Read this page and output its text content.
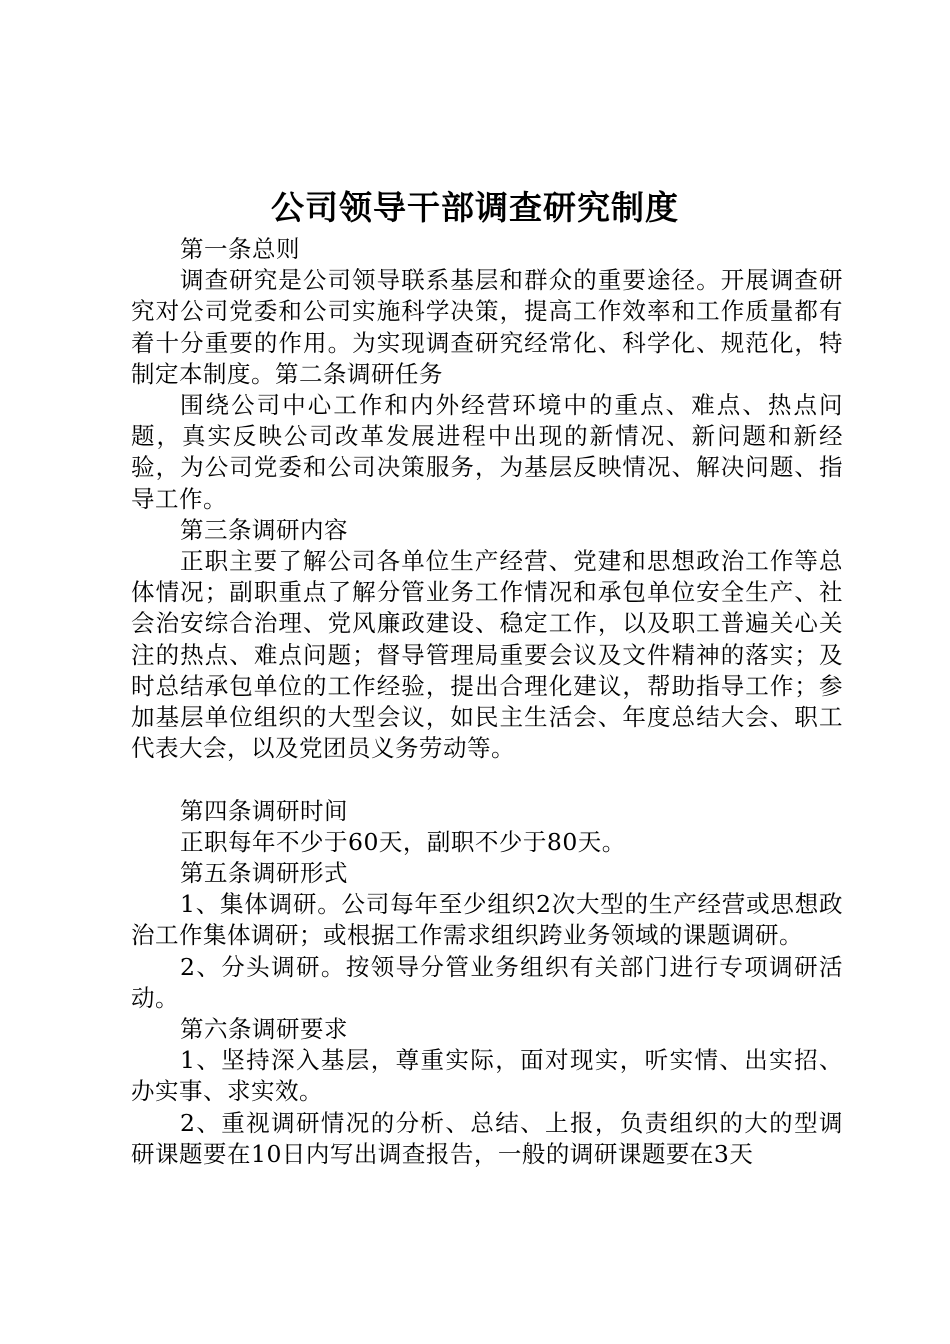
公司领导干部调查研究制度

第一条总则

调查研究是公司领导联系基层和群众的重要途径。开展调查研究对公司党委和公司实施科学决策，提高工作效率和工作质量都有着十分重要的作用。为实现调查研究经常化、科学化、规范化，特制定本制度。第二条调研任务

围绕公司中心工作和内外经营环境中的重点、难点、热点问题，真实反映公司改革发展进程中出现的新情况、新问题和新经验，为公司党委和公司决策服务，为基层反映情况、解决问题、指导工作。

第三条调研内容

正职主要了解公司各单位生产经营、党建和思想政治工作等总体情况；副职重点了解分管业务工作情况和承包单位安全生产、社会治安综合治理、党风廉政建设、稳定工作，以及职工普遍关心关注的热点、难点问题；督导管理局重要会议及文件精神的落实；及时总结承包单位的工作经验，提出合理化建议，帮助指导工作；参加基层单位组织的大型会议，如民主生活会、年度总结大会、职工代表大会，以及党团员义务劳动等。

第四条调研时间

正职每年不少于60天，副职不少于80天。

第五条调研形式

1、集体调研。公司每年至少组织2次大型的生产经营或思想政治工作集体调研；或根据工作需求组织跨业务领域的课题调研。

2、分头调研。按领导分管业务组织有关部门进行专项调研活动。

第六条调研要求

1、坚持深入基层，尊重实际，面对现实，听实情、出实招、办实事、求实效。

2、重视调研情况的分析、总结、上报，负责组织的大的型调研课题要在10日内写出调查报告，一般的调研课题要在3天
